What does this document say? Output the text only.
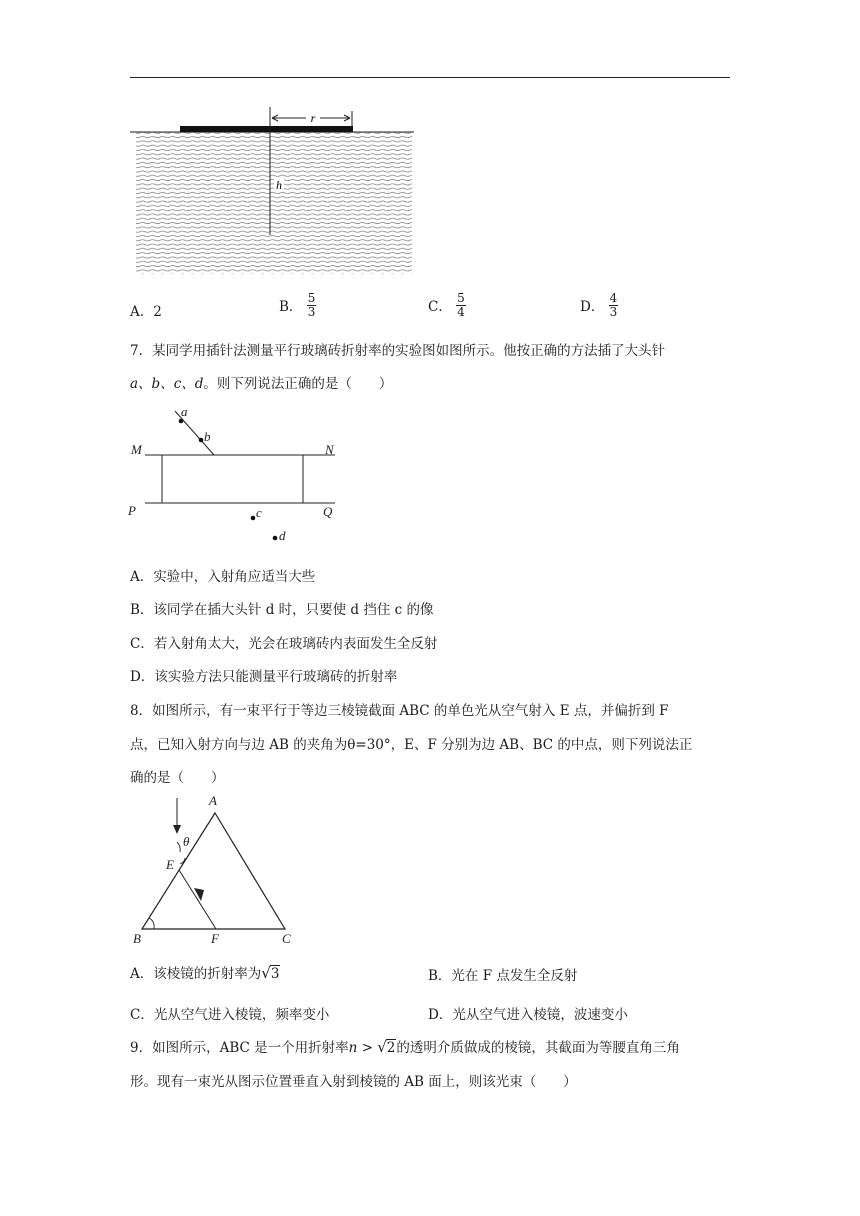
r
h
A．2	B． $\frac{5}{3}$	C． $\frac{5}{4}$	D． $\frac{4}{3}$
7．某同学用插针法测量平行玻璃砖折射率的实验图如图所示。他按正确的方法插了大头针
a、b、c、d。则下列说法正确的是（　　）
a
b
c
d
M	N
P	Q
A．实验中，入射角应适当大些
B．该同学在插大头针 d 时，只要使 d 挡住 c 的像
C．若入射角太大，光会在玻璃砖内表面发生全反射
D．该实验方法只能测量平行玻璃砖的折射率
8．如图所示，有一束平行于等边三棱镜截面 ABC 的单色光从空气射入 E 点，并偏折到 F
点，已知入射方向与边 AB 的夹角为θ=30°，E、F 分别为边 AB、BC 的中点，则下列说法正
确的是（　　）
A
θ
E
B	F	C
A．该棱镜的折射率为√3	B．光在 F 点发生全反射
C．光从空气进入棱镜，频率变小	D．光从空气进入棱镜，波速变小
9．如图所示，ABC 是一个用折射率n > √2的透明介质做成的棱镜，其截面为等腰直角三角
形。现有一束光从图示位置垂直入射到棱镜的 AB 面上，则该光束（　　）
